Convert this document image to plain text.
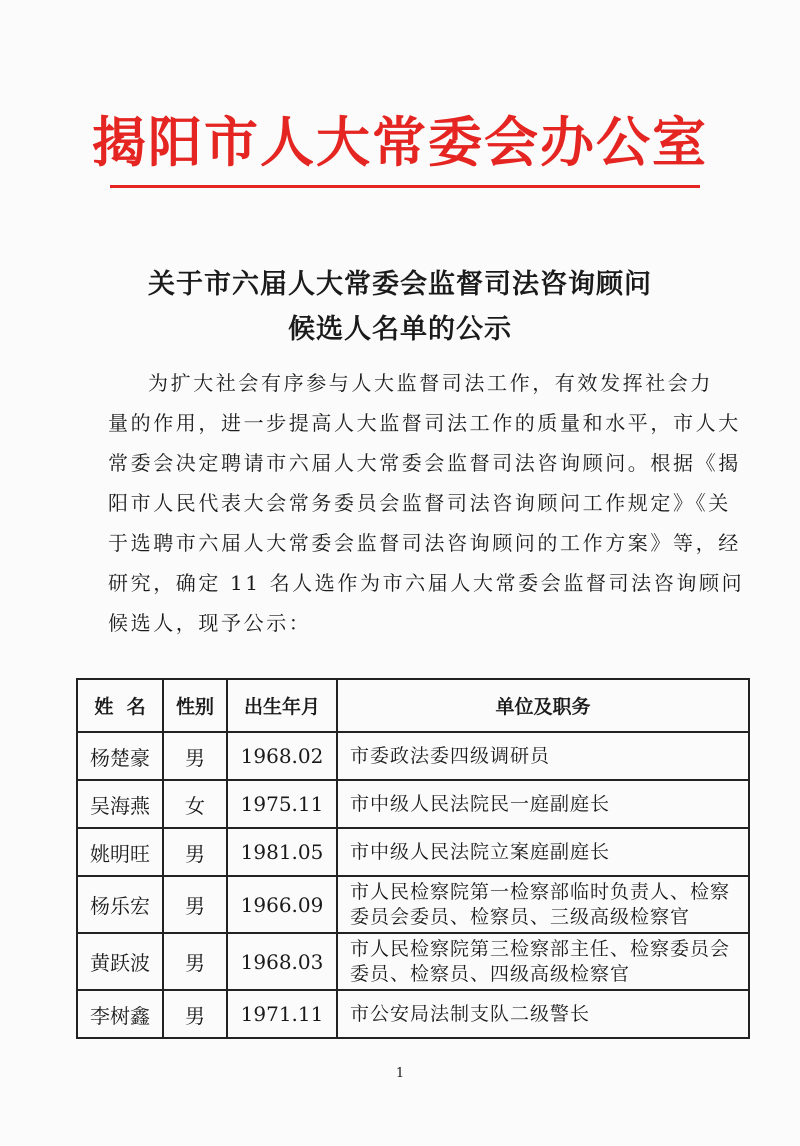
揭阳市人大常委会办公室
关于市六届人大常委会监督司法咨询顾问
候选人名单的公示

为扩大社会有序参与人大监督司法工作，有效发挥社会力
量的作用，进一步提高人大监督司法工作的质量和水平，市人大
常委会决定聘请市六届人大常委会监督司法咨询顾问。根据《揭
阳市人民代表大会常务委员会监督司法咨询顾问工作规定》《关
于选聘市六届人大常委会监督司法咨询顾问的工作方案》等，经
研究，确定 11 名人选作为市六届人大常委会监督司法咨询顾问
候选人，现予公示：

姓  名	性别	出生年月	单位及职务
杨楚豪	男	1968.02	市委政法委四级调研员
吴海燕	女	1975.11	市中级人民法院民一庭副庭长
姚明旺	男	1981.05	市中级人民法院立案庭副庭长
杨乐宏	男	1966.09	市人民检察院第一检察部临时负责人、检察委员会委员、检察员、三级高级检察官
黄跃波	男	1968.03	市人民检察院第三检察部主任、检察委员会委员、检察员、四级高级检察官
李树鑫	男	1971.11	市公安局法制支队二级警长
1
